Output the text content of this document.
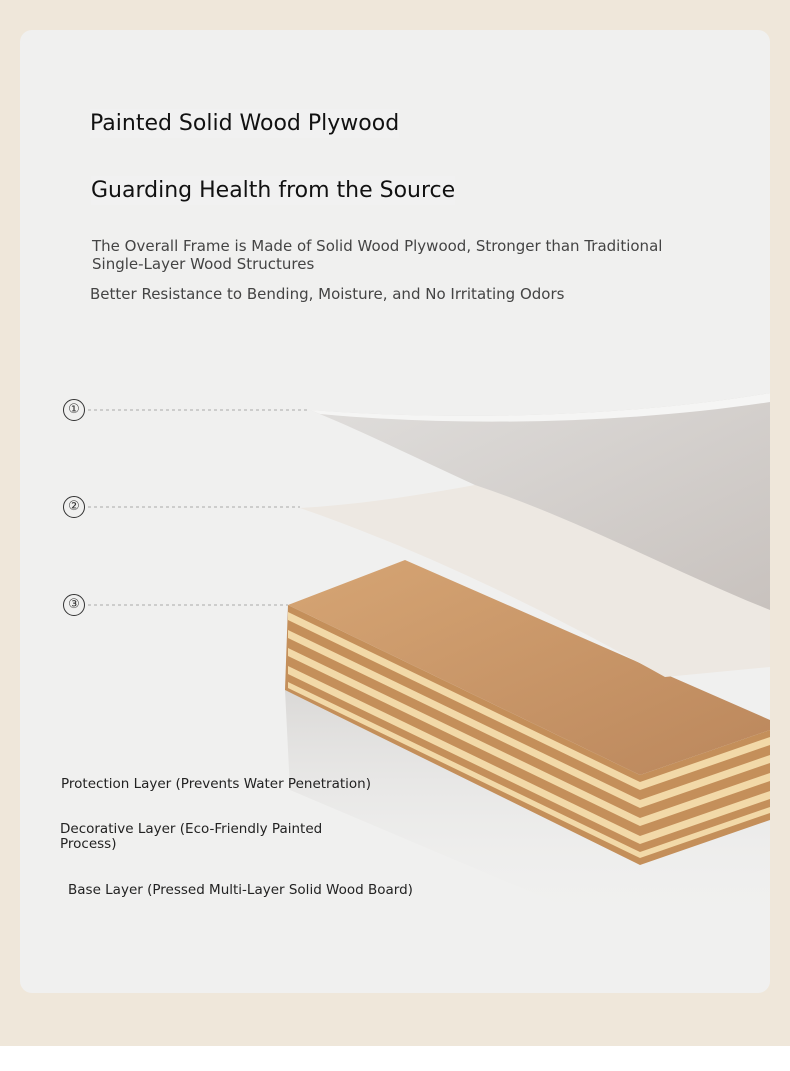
Painted Solid Wood Plywood
Guarding Health from the Source

The Overall Frame is Made of Solid Wood Plywood, Stronger than Traditional Single-Layer Wood Structures

Better Resistance to Bending, Moisture, and No Irritating Odors

①
②
③

Protection Layer (Prevents Water Penetration)

Decorative Layer (Eco-Friendly Painted Process)

Base Layer (Pressed Multi-Layer Solid Wood Board)
